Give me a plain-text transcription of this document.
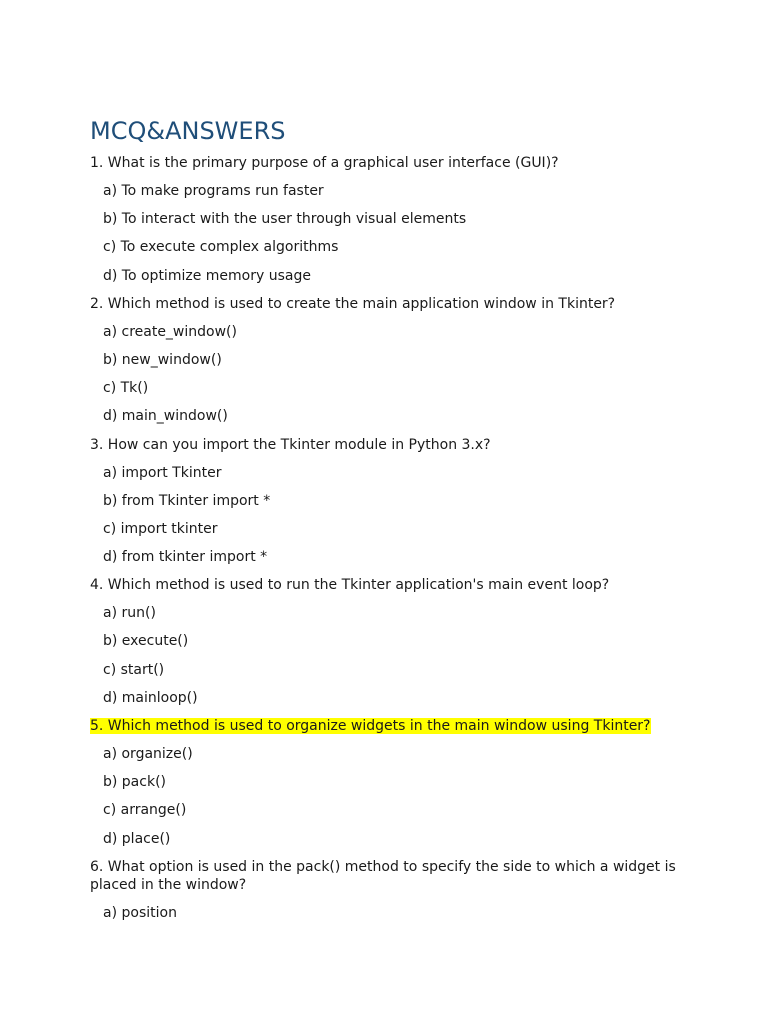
MCQ&ANSWERS

1. What is the primary purpose of a graphical user interface (GUI)?

a) To make programs run faster

b) To interact with the user through visual elements

c) To execute complex algorithms

d) To optimize memory usage

2. Which method is used to create the main application window in Tkinter?

a) create_window()

b) new_window()

c) Tk()

d) main_window()

3. How can you import the Tkinter module in Python 3.x?

a) import Tkinter

b) from Tkinter import *

c) import tkinter

d) from tkinter import *

4. Which method is used to run the Tkinter application's main event loop?

a) run()

b) execute()

c) start()

d) mainloop()

5. Which method is used to organize widgets in the main window using Tkinter?

a) organize()

b) pack()

c) arrange()

d) place()

6. What option is used in the pack() method to specify the side to which a widget is placed in the window?

a) position
